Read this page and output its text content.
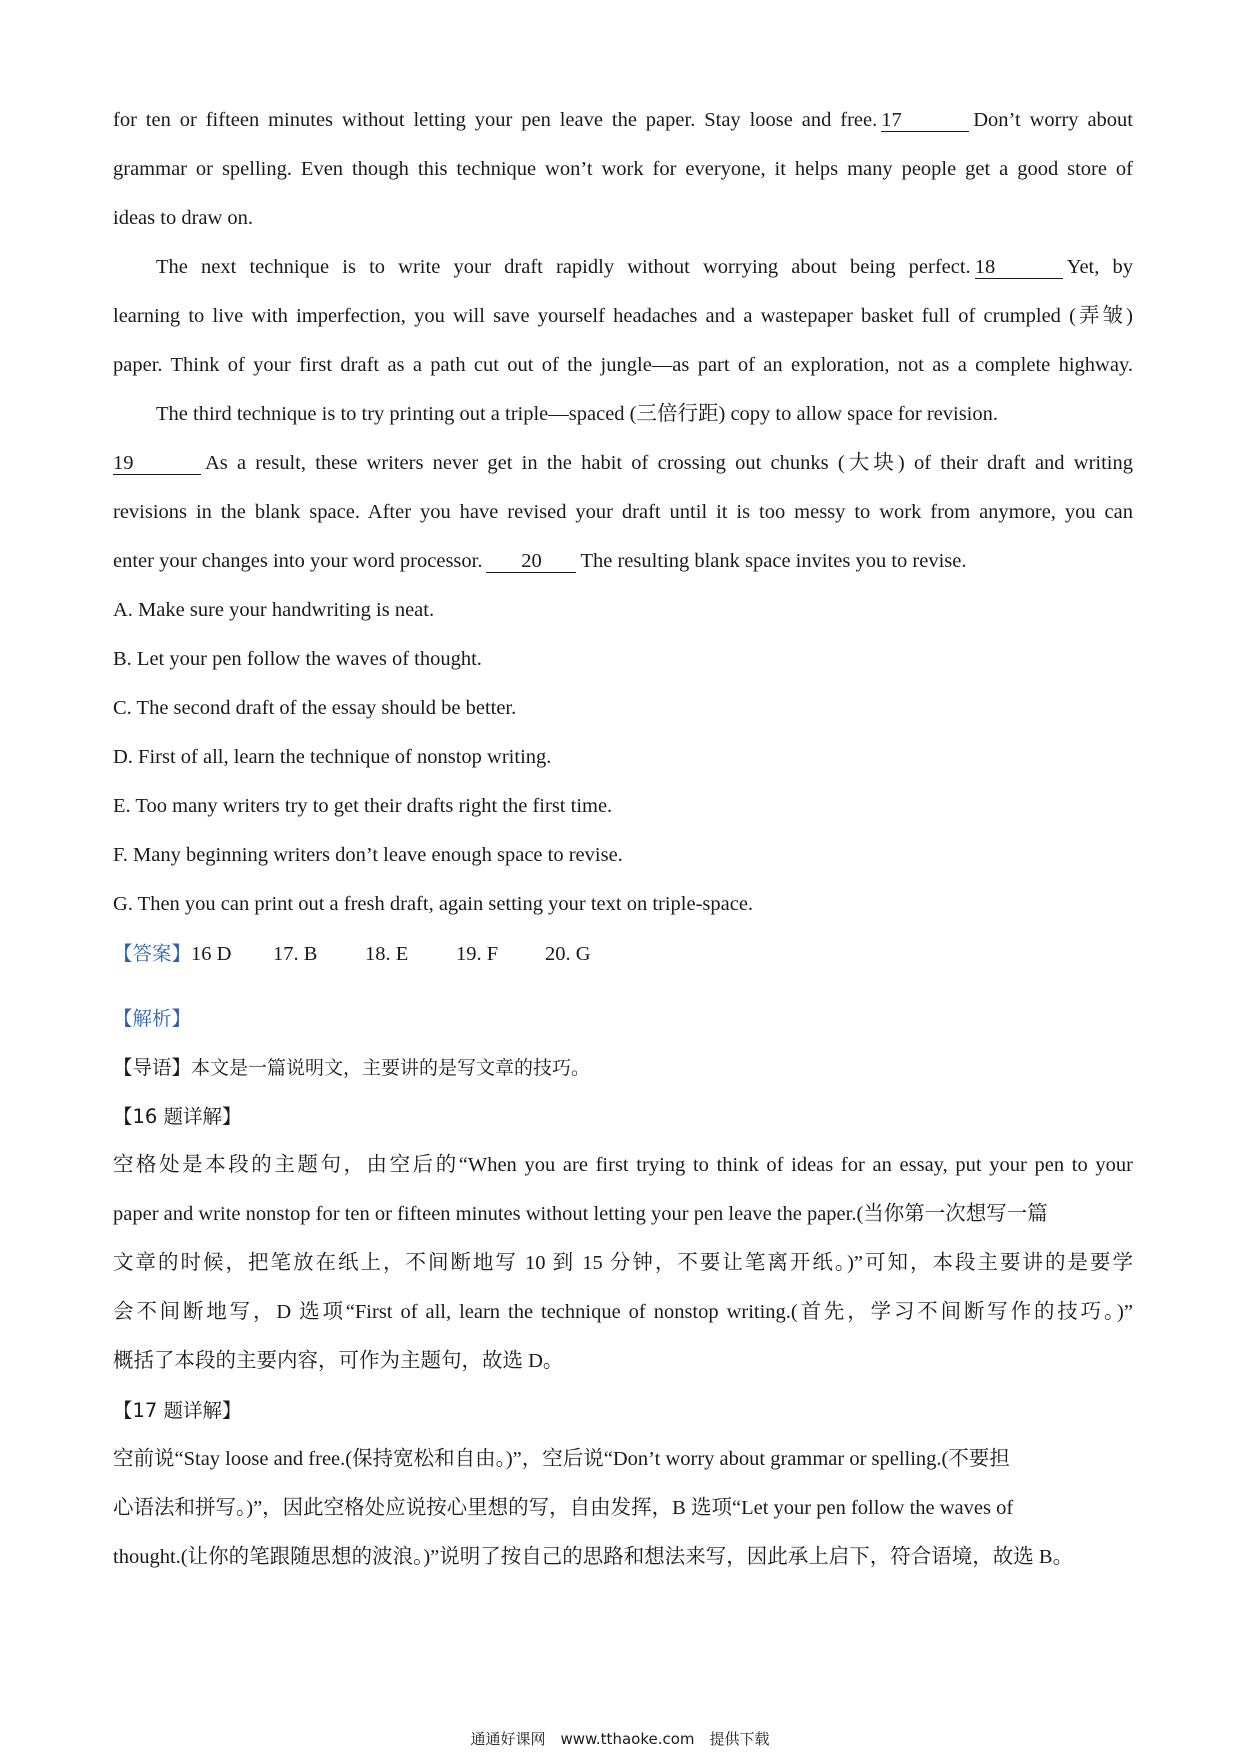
for ten or fifteen minutes without letting your pen leave the paper. Stay loose and free. 17	Don’t worry about
grammar or spelling. Even though this technique won’t work for everyone, it helps many people get a good store of
ideas to draw on.
The next technique is to write your draft rapidly without worrying about being perfect. 18	Yet, by
learning to live with imperfection, you will save yourself headaches and a wastepaper basket full of crumpled (弄皱)
paper. Think of your first draft as a path cut out of the jungle—as part of an exploration, not as a complete highway.
The third technique is to try printing out a triple—spaced (三倍行距) copy to allow space for revision.
19	As a result, these writers never get in the habit of crossing out chunks (大块) of their draft and writing
revisions in the blank space. After you have revised your draft until it is too messy to work from anymore, you can
enter your changes into your word processor. 20 The resulting blank space invites you to revise.
A. Make sure your handwriting is neat.
B. Let your pen follow the waves of thought.
C. The second draft of the essay should be better.
D. First of all, learn the technique of nonstop writing.
E. Too many writers try to get their drafts right the first time.
F. Many beginning writers don’t leave enough space to revise.
G. Then you can print out a fresh draft, again setting your text on triple-space.
【答案】16 D 17. B 18. E 19. F 20. G
【解析】
【导语】本文是一篇说明文，主要讲的是写文章的技巧。
【16 题详解】
空格处是本段的主题句，由空后的“When you are first trying to think of ideas for an essay, put your pen to your
paper and write nonstop for ten or fifteen minutes without letting your pen leave the paper.(当你第一次想写一篇
文章的时候，把笔放在纸上，不间断地写 10 到 15 分钟，不要让笔离开纸。)”可知，本段主要讲的是要学
会不间断地写，D 选项“First of all, learn the technique of nonstop writing.(首先，学习不间断写作的技巧。)”
概括了本段的主要内容，可作为主题句，故选 D。
【17 题详解】
空前说“Stay loose and free.(保持宽松和自由。)”，空后说“Don’t worry about grammar or spelling.(不要担
心语法和拼写。)”，因此空格处应说按心里想的写，自由发挥，B 选项“Let your pen follow the waves of
thought.(让你的笔跟随思想的波浪。)”说明了按自己的思路和想法来写，因此承上启下，符合语境，故选 B。
通通好课网　www.tthaoke.com　提供下载
